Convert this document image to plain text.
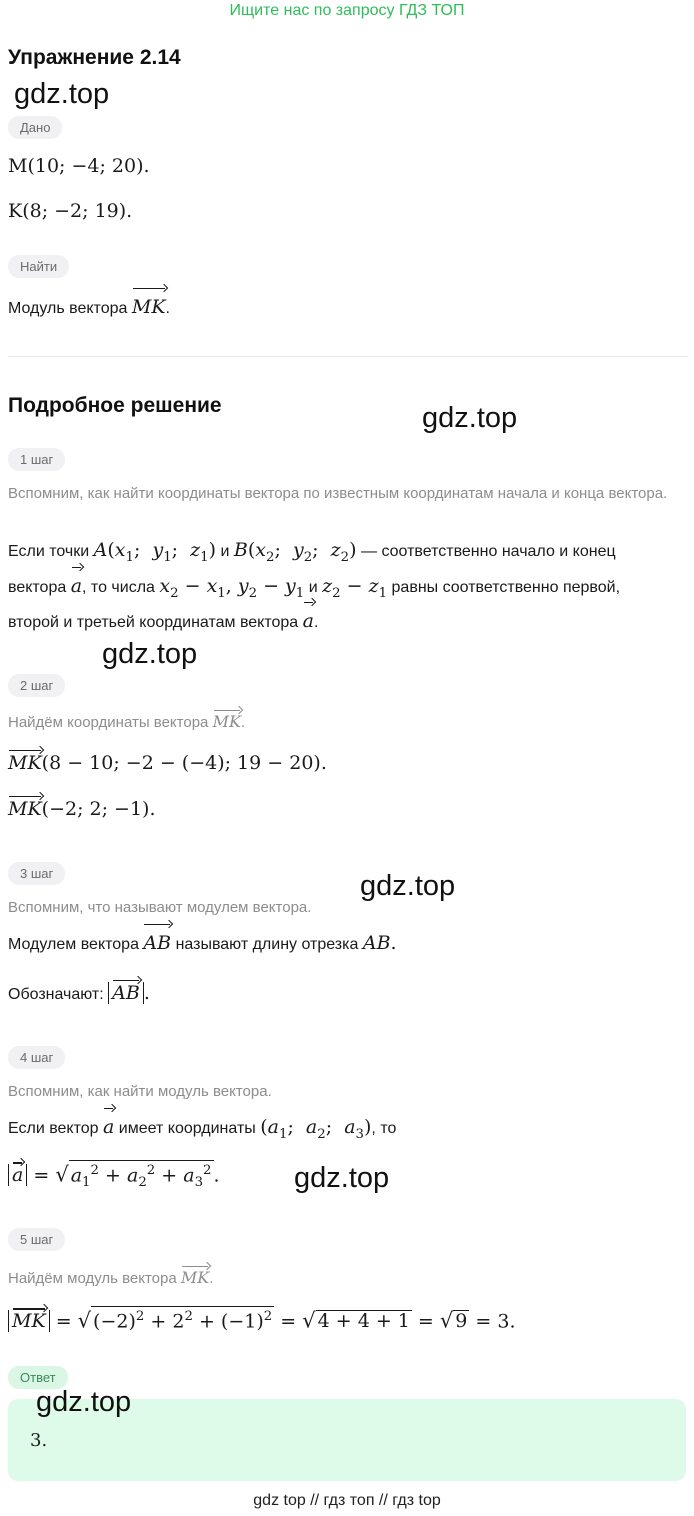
Ищите нас по запросу ГДЗ ТОП
Упражнение 2.14
gdz.top
Дано
M(10; −4; 20).
K(8; −2; 19).
Найти
Модуль вектора MK.
Подробное решение	gdz.top
1 шаг
Вспомним, как найти координаты вектора по известным координатам начала и конца вектора.
Если точки $A(x_1$;  $y_1$;  $z_1$) и $B(x_2$;  $y_2$;  $z_2$) — соответственно начало и конец
вектора a, то числа $x_2 - x_1$, $y_2 - y_1$ и $z_2 - z_1$ равны соответственно первой,
второй и третьей координатам вектора a.
gdz.top
2 шаг
Найдём координаты вектора MK.
MK(8 − 10; −2 − (−4); 19 − 20).
MK(−2; 2; −1).
3 шаг	gdz.top
Вспомним, что называют модулем вектора.
Модулем вектора AB называют длину отрезка AB.
Обозначают: AB .
4 шаг
Вспомним, как найти модуль вектора.
Если вектор a имеет координаты ($a_1$;  $a_2$;  $a_3$), то
a = √ $a_1^2 + a_2^2 + a_3^2$ .	gdz.top
5 шаг
Найдём модуль вектора MK.
MK = √ $(-2)^2 + 2^2 + (-1)^2$ = √ 4 + 4 + 1 = √ 9 = 3.
Ответ
gdz.top
3.
gdz top // гдз топ // гдз top
